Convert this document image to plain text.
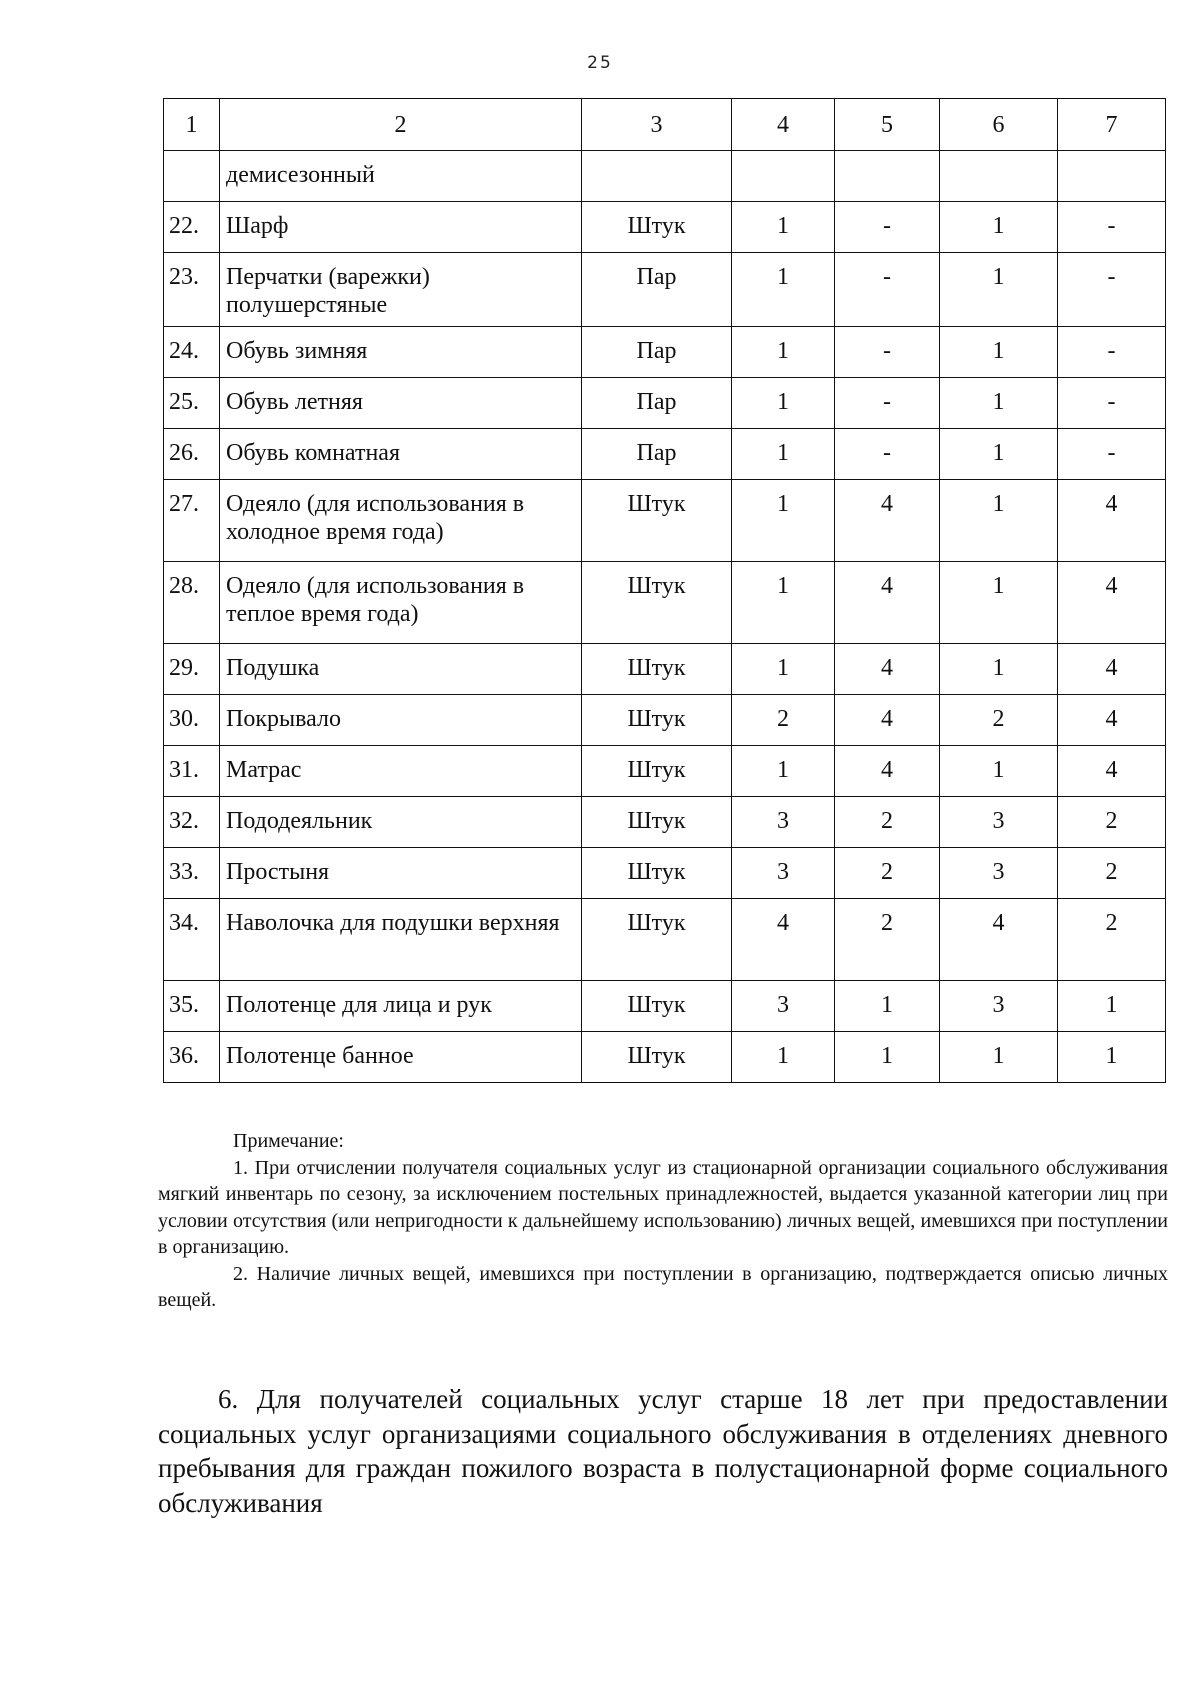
25
1	2	3	4	5	6	7
	демисезонный					
22.	Шарф	Штук	1	-	1	-
23.	Перчатки (варежки) полушерстяные	Пар	1	-	1	-
24.	Обувь зимняя	Пар	1	-	1	-
25.	Обувь летняя	Пар	1	-	1	-
26.	Обувь комнатная	Пар	1	-	1	-
27.	Одеяло (для использования в холодное время года)	Штук	1	4	1	4
28.	Одеяло (для использования в теплое время года)	Штук	1	4	1	4
29.	Подушка	Штук	1	4	1	4
30.	Покрывало	Штук	2	4	2	4
31.	Матрас	Штук	1	4	1	4
32.	Пододеяльник	Штук	3	2	3	2
33.	Простыня	Штук	3	2	3	2
34.	Наволочка для подушки верхняя	Штук	4	2	4	2
35.	Полотенце для лица и рук	Штук	3	1	3	1
36.	Полотенце банное	Штук	1	1	1	1

Примечание:

1. При отчислении получателя социальных услуг из стационарной организации социального обслуживания мягкий инвентарь по сезону, за исключением постельных принадлежностей, выдается указанной категории лиц при условии отсутствия (или непригодности к дальнейшему использованию) личных вещей, имевшихся при поступлении в организацию.

2. Наличие личных вещей, имевшихся при поступлении в организацию, подтверждается описью личных вещей.

6. Для получателей социальных услуг старше 18 лет при предоставлении социальных услуг организациями социального обслуживания в отделениях дневного пребывания для граждан пожилого возраста в полустационарной форме социального обслуживания
